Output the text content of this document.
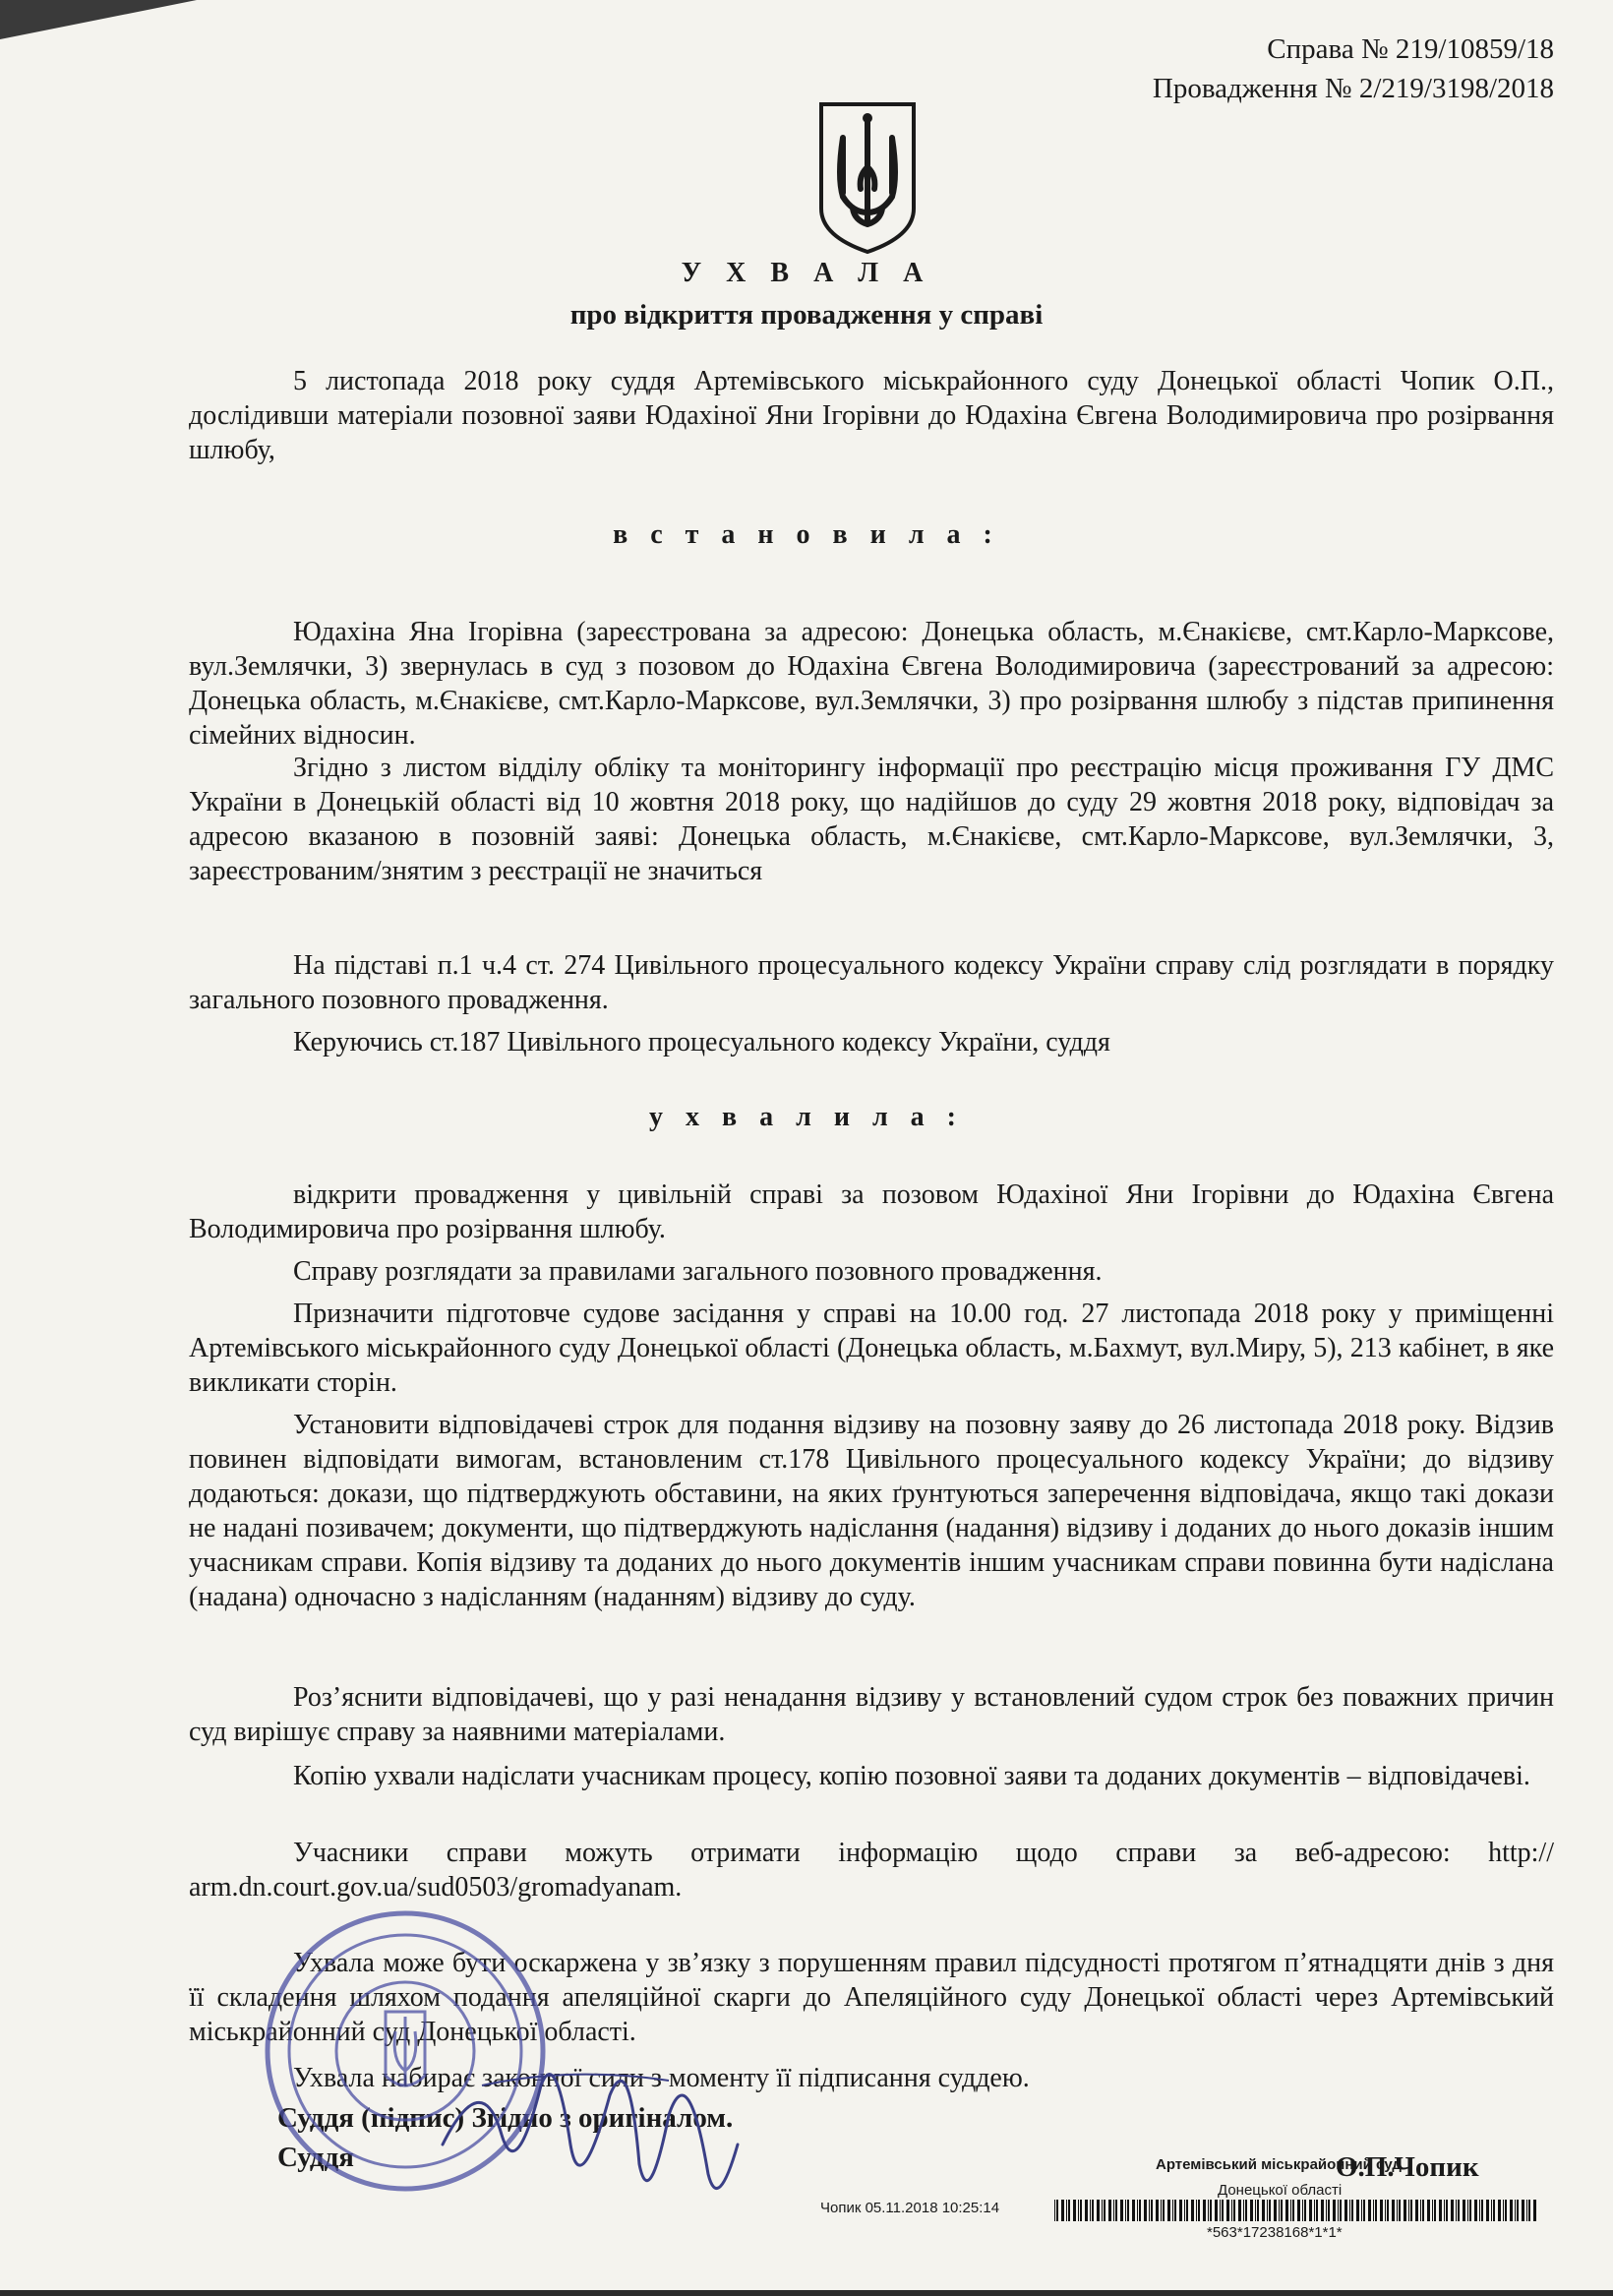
Справа № 219/10859/18
Провадження № 2/219/3198/2018
У Х В А Л А
про відкриття провадження у справі

5 листопада 2018 року суддя Артемівського міськрайонного суду Донецької області Чопик О.П., дослідивши матеріали позовної заяви Юдахіної Яни Ігорівни до Юдахіна Євгена Володимировича про розірвання шлюбу,

в с т а н о в и л а :

Юдахіна Яна Ігорівна (зареєстрована за адресою: Донецька область, м.Єнакієве, смт.Карло-Марксове, вул.Землячки, 3) звернулась в суд з позовом до Юдахіна Євгена Володимировича (зареєстрований за адресою: Донецька область, м.Єнакієве, смт.Карло-Марксове, вул.Землячки, 3) про розірвання шлюбу з підстав припинення сімейних відносин.

Згідно з листом відділу обліку та моніторингу інформації про реєстрацію місця проживання ГУ ДМС України в Донецькій області від 10 жовтня 2018 року, що надійшов до суду 29 жовтня 2018 року, відповідач за адресою вказаною в позовній заяві: Донецька область, м.Єнакієве, смт.Карло-Марксове, вул.Землячки, 3, зареєстрованим/знятим з реєстрації не значиться

На підставі п.1 ч.4 ст. 274 Цивільного процесуального кодексу України справу слід розглядати в порядку загального позовного провадження.

Керуючись ст.187 Цивільного процесуального кодексу України, суддя

у х в а л и л а :

відкрити провадження у цивільній справі за позовом Юдахіної Яни Ігорівни до Юдахіна Євгена Володимировича про розірвання шлюбу.

Справу розглядати за правилами загального позовного провадження.

Призначити підготовче судове засідання у справі на 10.00 год. 27 листопада 2018 року у приміщенні Артемівського міськрайонного суду Донецької області (Донецька область, м.Бахмут, вул.Миру, 5), 213 кабінет, в яке викликати сторін.

Установити відповідачеві строк для подання відзиву на позовну заяву до 26 листопада 2018 року. Відзив повинен відповідати вимогам, встановленим ст.178 Цивільного процесуального кодексу України; до відзиву додаються: докази, що підтверджують обставини, на яких ґрунтуються заперечення відповідача, якщо такі докази не надані позивачем; документи, що підтверджують надіслання (надання) відзиву і доданих до нього доказів іншим учасникам справи. Копія відзиву та доданих до нього документів іншим учасникам справи повинна бути надіслана (надана) одночасно з надісланням (наданням) відзиву до суду.

Роз’яснити відповідачеві, що у разі ненадання відзиву у встановлений судом строк без поважних причин суд вирішує справу за наявними матеріалами.

Копію ухвали надіслати учасникам процесу, копію позовної заяви та доданих документів – відповідачеві.

Учасники справи можуть отримати інформацію щодо справи за веб-адресою: http:// arm.dn.court.gov.ua/sud0503/gromadyanam.

Ухвала може бути оскаржена у зв’язку з порушенням правил підсудності протягом п’ятнадцяти днів з дня її складення шляхом подання апеляційної скарги до Апеляційного суду Донецької області через Артемівський міськрайонний суд Донецької області.

Ухвала набирає законної сили з моменту її підписання суддею.

Суддя (підпис) Згідно з оригіналом.
Суддя	О.П.Чопик
Артемівський міськрайонний суд
Донецької області
Чопик 05.11.2018 10:25:14
*563*17238168*1*1*
